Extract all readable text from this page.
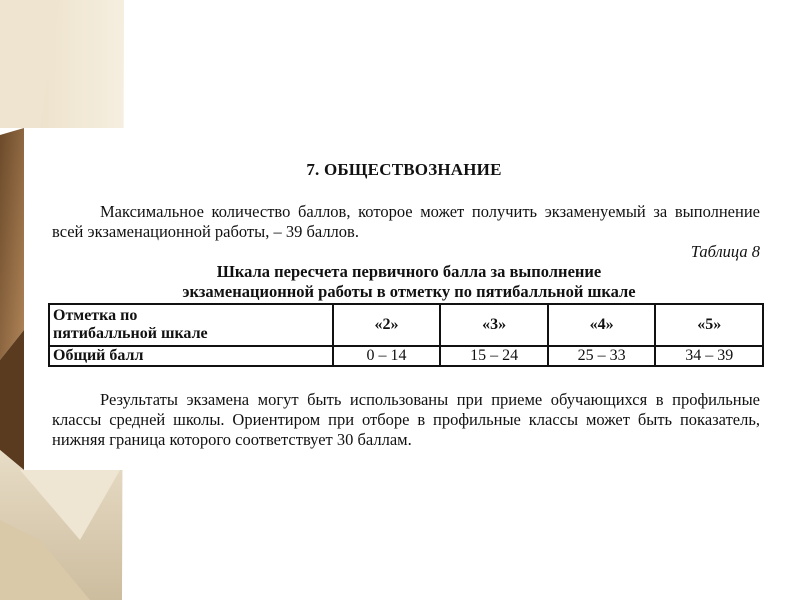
7. ОБЩЕСТВОЗНАНИЕ
Максимальное количество баллов, которое может получить экзаменуемый за выполнение всей экзаменационной работы, – 39 баллов.
Таблица 8
Шкала пересчета первичного балла за выполнение
экзаменационной работы в отметку по пятибалльной шкале
Отметка по
пятибалльной шкале	«2»	«3»	«4»	«5»
Общий балл	0 – 14	15 – 24	25 – 33	34 – 39
Результаты экзамена могут быть использованы при приеме обучающихся в профильные классы средней школы. Ориентиром при отборе в профильные классы может быть показатель, нижняя граница которого соответствует 30 баллам.
